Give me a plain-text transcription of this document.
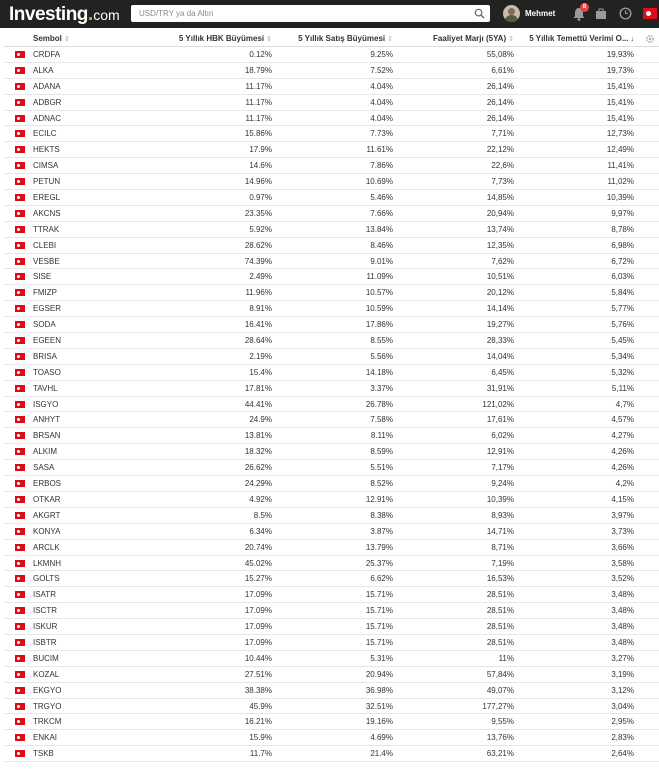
Investing.com
USD/TRY ya da Altın	Mehmet
8
Sembol ⇕	5 Yıllık HBK Büyümesi ⇕	5 Yıllık Satış Büyümesi ⇕	Faaliyet Marjı (5YA) ⇕ 5 Yıllık Temettü Verimi O... ↓
CRDFA	0.12%	9.25%	55,08%	19,93%
ALKA	18.79%	7.52%	6,61%	19,73%
ADANA	11.17%	4.04%	26,14%	15,41%
ADBGR	11.17%	4.04%	26,14%	15,41%
ADNAC	11.17%	4.04%	26,14%	15,41%
ECILC	15.86%	7.73%	7,71%	12,73%
HEKTS	17.9%	11.61%	22,12%	12,49%
CIMSA	14.6%	7.86%	22,6%	11,41%
PETUN	14.96%	10.69%	7,73%	11,02%
EREGL	0.97%	5.46%	14,85%	10,39%
AKCNS	23.35%	7.66%	20,94%	9,97%
TTRAK	5.92%	13.84%	13,74%	8,78%
CLEBI	28.62%	8.46%	12,35%	6,98%
VESBE	74.39%	9.01%	7,62%	6,72%
SISE	2.49%	11.09%	10,51%	6,03%
FMIZP	11.96%	10.57%	20,12%	5,84%
EGSER	8.91%	10.59%	14,14%	5,77%
SODA	16.41%	17.86%	19,27%	5,76%
EGEEN	28.64%	8.55%	28,33%	5,45%
BRISA	2.19%	5.56%	14,04%	5,34%
TOASO	15.4%	14.18%	6,45%	5,32%
TAVHL	17.81%	3.37%	31,91%	5,11%
ISGYO	44.41%	26.78%	121,02%	4,7%
ANHYT	24.9%	7.58%	17,61%	4,57%
BRSAN	13.81%	8.11%	6,02%	4,27%
ALKIM	18.32%	8.59%	12,91%	4,26%
SASA	26.62%	5.51%	7,17%	4,26%
ERBOS	24.29%	8.52%	9,24%	4,2%
OTKAR	4.92%	12.91%	10,39%	4,15%
AKGRT	8.5%	8.38%	8,93%	3,97%
KONYA	6.34%	3.87%	14,71%	3,73%
ARCLK	20.74%	13.79%	8,71%	3,66%
LKMNH	45.02%	25.37%	7,19%	3,58%
GOLTS	15.27%	6.62%	16,53%	3,52%
ISATR	17.09%	15.71%	28,51%	3,48%
ISCTR	17.09%	15.71%	28,51%	3,48%
ISKUR	17.09%	15.71%	28,51%	3,48%
ISBTR	17.09%	15.71%	28,51%	3,48%
BUCIM	10.44%	5.31%	11%	3,27%
KOZAL	27.51%	20.94%	57,84%	3,19%
EKGYO	38.38%	36.98%	49,07%	3,12%
TRGYO	45.9%	32.51%	177,27%	3,04%
TRKCM	16.21%	19.16%	9,55%	2,95%
ENKAI	15.9%	4.69%	13,76%	2,83%
TSKB	11.7%	21.4%	63,21%	2,64%
